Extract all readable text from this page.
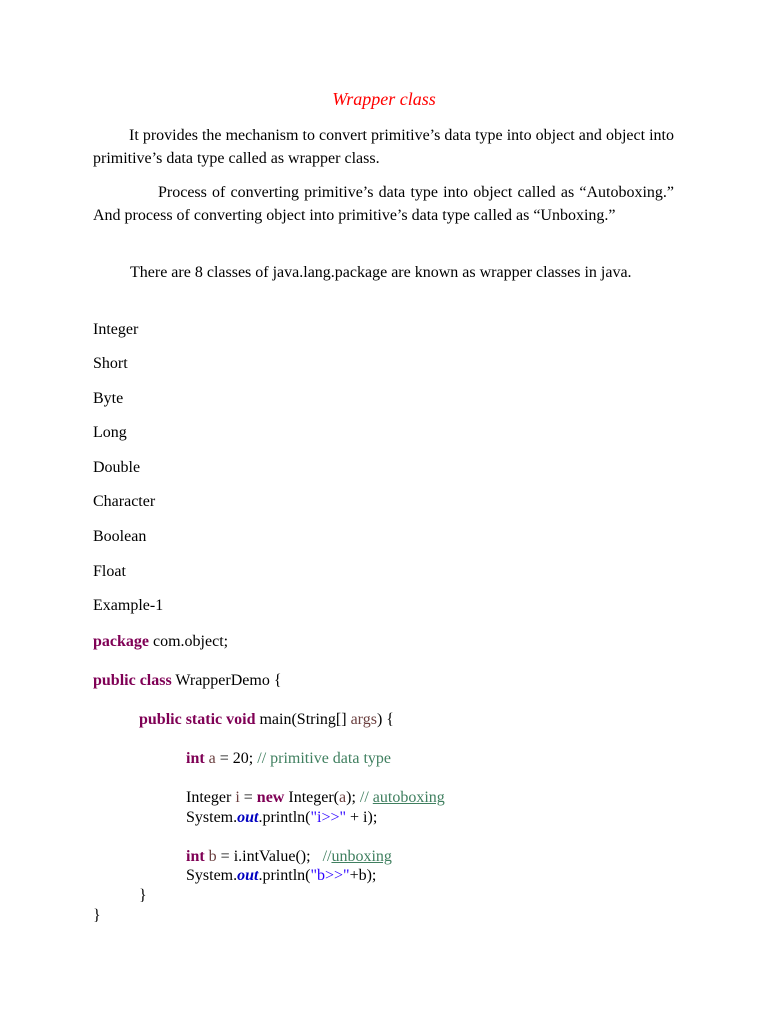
Wrapper class

It provides the mechanism to convert primitive’s data type into object and object into primitive’s data type called as wrapper class.

Process of converting primitive’s data type into object called as “Autoboxing.” And process of converting object into primitive’s data type called as “Unboxing.”

There are 8 classes of java.lang.package are known as wrapper classes in java.

Integer
Short
Byte
Long
Double
Character
Boolean
Float
Example-1
package com.object;
public class WrapperDemo {
public static void main(String[] args) {
int a = 20; // primitive data type
Integer i = new Integer(a); // autoboxing
System.out.println("i>>" + i);
int b = i.intValue();   //unboxing
System.out.println("b>>"+b);
}
}
